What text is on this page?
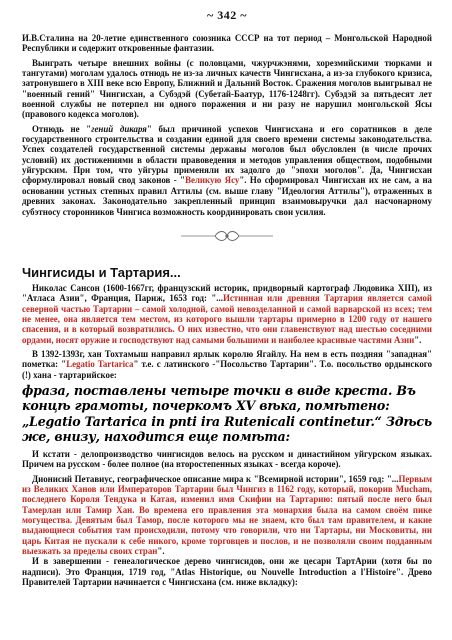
~ 342 ~

И.В.Сталина на 20-летие единственного союзника СССР на тот период – Монгольской Народной Республики и содержит откровенные фантазии.

Выиграть четыре внешних войны (с половцами, чжурчжэнями, хорезмийскими тюрками и тангутами) моголам удалось отнюдь не из-за личных качеств Чингисхана, а из-за глубокого кризиса, затронувшего в XIII веке всю Европу, Ближний и Дальний Восток. Сражения моголов выигрывал не "военный гений" Чингисхан, а Субэдэй (Субетай-Баатур, 1176-1248гг). Субэдэй за пятьдесят лет военной службы не потерпел ни одного поражения и ни разу не нарушил монгольской Ясы (правового кодекса моголов).

Отнюдь не "гений дикаря" был причиной успехов Чингисхана и его соратников в деле государственного строительства и создании единой для своего времени системы законодательства. Успех создателей государственной системы державы моголов был обусловлен (в числе прочих условий) их достижениями в области правоведения и методов управления обществом, подобными уйгурским. При том, что уйгуры применяли их задолго до "эпохи моголов". Да, Чингисхан сформулировал новый свод законов - "Великую Ясу". Но сформировал Чингисхан их не сам, а на основании устных степных правил Аттилы (см. выше главу "Идеология Аттилы"), отраженных в древних законах. Законодательно закрепленный принцип взаимовыручки дал насчонарному субэтносу сторонников Чингиса возможность координировать свои усилия.

Чингисиды и Тартария...

Николас Сансон (1600-1667гг, французский историк, придворный картограф Людовика XIII), из "Атласа Азии", Франция, Париж, 1653 год: "...Истинная или древняя Тартария является самой северной частью Тартарии – самой холодной, самой невозделанной и самой варварской из всех; тем не менее, она является тем местом, из которого вышли тартары примерно в 1200 году от нашего спасения, и в который возвратились. О них известно, что они главенствуют над шестью соседними ордами, носят оружие и господствуют над самыми большими и наиболее красивые частями Азии".

В 1392-1393г, хан Тохтамыш направил ярлык королю Ягайлу. На нем в есть поздняя "западная" пометка: "Legatio Tartarica" т.е. с латинского -"Посольство Тартарии". Т.о. посольство ордынского (!) хана - тартарийское:

фраза, поставлены четыре точки в виде креста. Въ концѣ грамоты, почеркомъ XV вѣка, помѣтено: „Legatio Tartarica in pnti ira Rutenicali continetur.“ Здѣсь же, внизу, находится еще помѣта:

И кстати - делопроизводство чингисидов велось на русском и династийном уйгурском языках. Причем на русском - более полное (на второстепенных языках - всегда короче).

Дионисий Петавиус, географическое описание мира к "Всемирной истории", 1659 год: "...Первым из Великих Ханов или Императоров Тартарии был Чингиз в 1162 году, который, покорив Mucham, последнего Короля Тендука и Катая, изменил имя Скифии на Тартарию: пятый после него был Тамерлан или Тамир Хан. Во времена его правления эта монархия была на самом своём пике могущества. Девятым был Тамор, после которого мы не знаем, кто был там правителем, и какие выдающиеся события там происходили, потому что говорили, что ни Тартары, ни Московиты, ни царь Китая не пускали к себе никого, кроме торговцев и послов, и не позволяли своим подданным выезжать за пределы своих стран".

И в завершении - генеалогическое дерево чингисидов, они же цесари ТартАрии (хотя бы по надписи). Это Франция, 1719 год, "Atlas Historique, ou Nouvelle Introduction a l'Histoire". Древо Правителей Тартарии начинается с Чингисхана (см. ниже вкладку):
